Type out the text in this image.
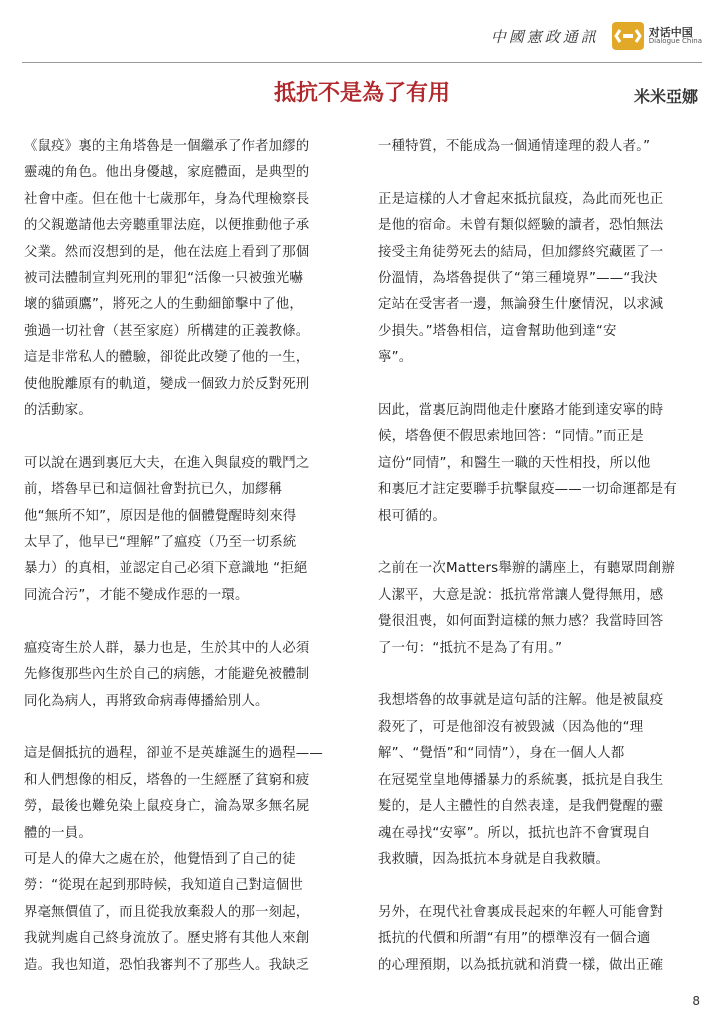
中國憲政通訊	对话中国
Dialogue China
抵抗不是為了有用	米米亞娜

《鼠疫》裏的主角塔魯是一個繼承了作者加繆的
靈魂的角色。他出身優越，家庭體面，是典型的
社會中產。但在他十七歲那年，身為代理檢察長
的父親邀請他去旁聽重罪法庭，以便推動他子承
父業。然而沒想到的是，他在法庭上看到了那個
被司法體制宣判死刑的罪犯“活像一只被強光嚇
壞的貓頭鷹”，將死之人的生動細節擊中了他，
強過一切社會（甚至家庭）所構建的正義教條。
這是非常私人的體驗，卻從此改變了他的一生，
使他脫離原有的軌道，變成一個致力於反對死刑
的活動家。

可以說在遇到裏厄大夫，在進入與鼠疫的戰鬥之
前，塔魯早已和這個社會對抗已久，加繆稱
他“無所不知”，原因是他的個體覺醒時刻來得
太早了，他早已“理解”了瘟疫（乃至一切系統
暴力）的真相，並認定自己必須下意識地 “拒絕
同流合污”，才能不變成作惡的一環。

瘟疫寄生於人群，暴力也是，生於其中的人必須
先修復那些內生於自己的病態，才能避免被體制
同化為病人，再將致命病毒傳播給別人。

這是個抵抗的過程，卻並不是英雄誕生的過程——
和人們想像的相反，塔魯的一生經歷了貧窮和疲
勞，最後也難免染上鼠疫身亡，淪為眾多無名屍
體的一員。

可是人的偉大之處在於，他覺悟到了自己的徒
勞：“從現在起到那時候，我知道自己對這個世
界毫無價值了，而且從我放棄殺人的那一刻起，
我就判處自己終身流放了。歷史將有其他人來創
造。我也知道，恐怕我審判不了那些人。我缺乏

一種特質，不能成為一個通情達理的殺人者。”

正是這樣的人才會起來抵抗鼠疫，為此而死也正
是他的宿命。未曾有類似經驗的讀者，恐怕無法
接受主角徒勞死去的結局，但加繆終究藏匿了一
份溫情，為塔魯提供了“第三種境界”——“我決
定站在受害者一邊，無論發生什麼情況，以求減
少損失。”塔魯相信，這會幫助他到達“安
寧”。

因此，當裏厄詢問他走什麼路才能到達安寧的時
候，塔魯便不假思索地回答：“同情。”而正是
這份“同情”，和醫生一職的天性相投，所以他
和裏厄才註定要聯手抗擊鼠疫——一切命運都是有
根可循的。

之前在一次Matters舉辦的講座上，有聽眾問創辦
人潔平，大意是說：抵抗常常讓人覺得無用，感
覺很沮喪，如何面對這樣的無力感？我當時回答
了一句：“抵抗不是為了有用。”

我想塔魯的故事就是這句話的注解。他是被鼠疫
殺死了，可是他卻沒有被毀滅（因為他的“理
解”、“覺悟”和“同情”），身在一個人人都
在冠冕堂皇地傳播暴力的系統裏，抵抗是自我生
髮的，是人主體性的自然表達，是我們覺醒的靈
魂在尋找“安寧”。所以，抵抗也許不會實現自
我救贖，因為抵抗本身就是自我救贖。

另外，在現代社會裏成長起來的年輕人可能會對
抵抗的代價和所謂“有用”的標準沒有一個合適
的心理預期，以為抵抗就和消費一樣，做出正確

8
